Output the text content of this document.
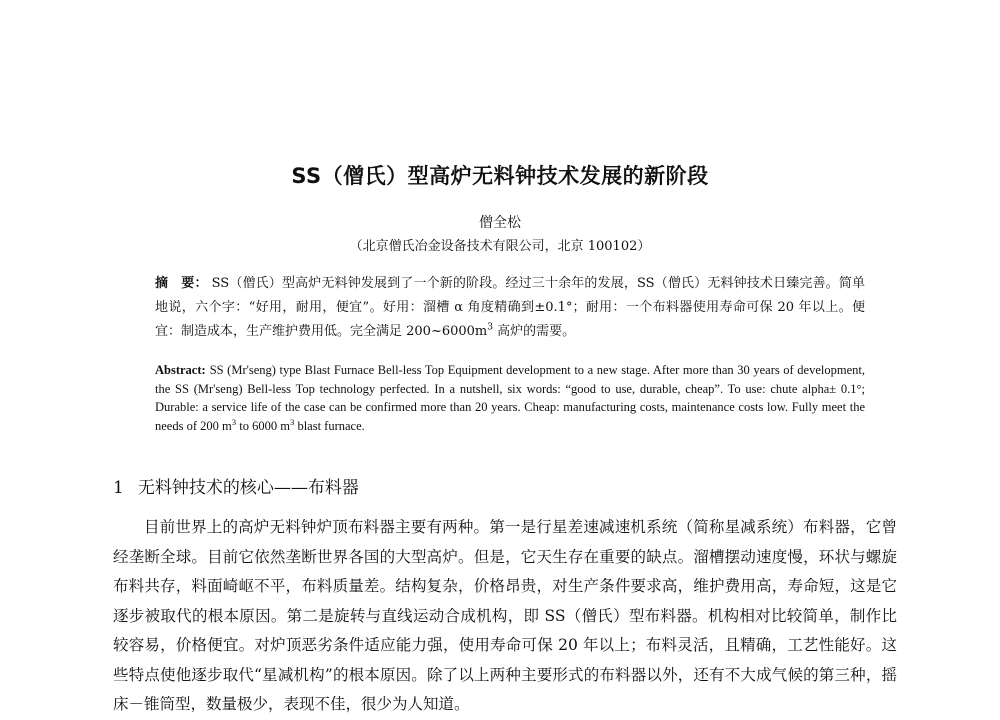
SS（僧氏）型高炉无料钟技术发展的新阶段
僧全松
（北京僧氏冶金设备技术有限公司，北京 100102）
摘　要： SS（僧氏）型高炉无料钟发展到了一个新的阶段。经过三十余年的发展，SS（僧氏）无料钟技术日臻完善。简单地说，六个字：“好用，耐用，便宜”。好用：溜槽 α 角度精确到±0.1°；耐用：一个布料器使用寿命可保 20 年以上。便宜：制造成本，生产维护费用低。完全满足 $200\sim 6000m^3$ 高炉的需要。
Abstract: SS (Mr'seng) type Blast Furnace Bell-less Top Equipment development to a new stage. After more than 30 years of development, the SS (Mr'seng) Bell-less Top technology perfected. In a nutshell, six words: “good to use, durable, cheap”. To use: chute alpha± 0.1°; Durable: a service life of the case can be confirmed more than 20 years. Cheap: manufacturing costs, maintenance costs low. Fully meet the needs of 200 $m^3$ to 6000 $m^3$ blast furnace.
1 无料钟技术的核心——布料器
目前世界上的高炉无料钟炉顶布料器主要有两种。第一是行星差速减速机系统（简称星减系统）布料器，它曾经垄断全球。目前它依然垄断世界各国的大型高炉。但是，它天生存在重要的缺点。溜槽摆动速度慢，环状与螺旋布料共存，料面崎岖不平，布料质量差。结构复杂，价格昂贵，对生产条件要求高，维护费用高，寿命短，这是它逐步被取代的根本原因。第二是旋转与直线运动合成机构，即 SS（僧氏）型布料器。机构相对比较简单，制作比较容易，价格便宜。对炉顶恶劣条件适应能力强，使用寿命可保 20 年以上；布料灵活，且精确，工艺性能好。这些特点使他逐步取代“星减机构”的根本原因。除了以上两种主要形式的布料器以外，还有不大成气候的第三种，摇床－锥筒型，数量极少，表现不佳，很少为人知道。
